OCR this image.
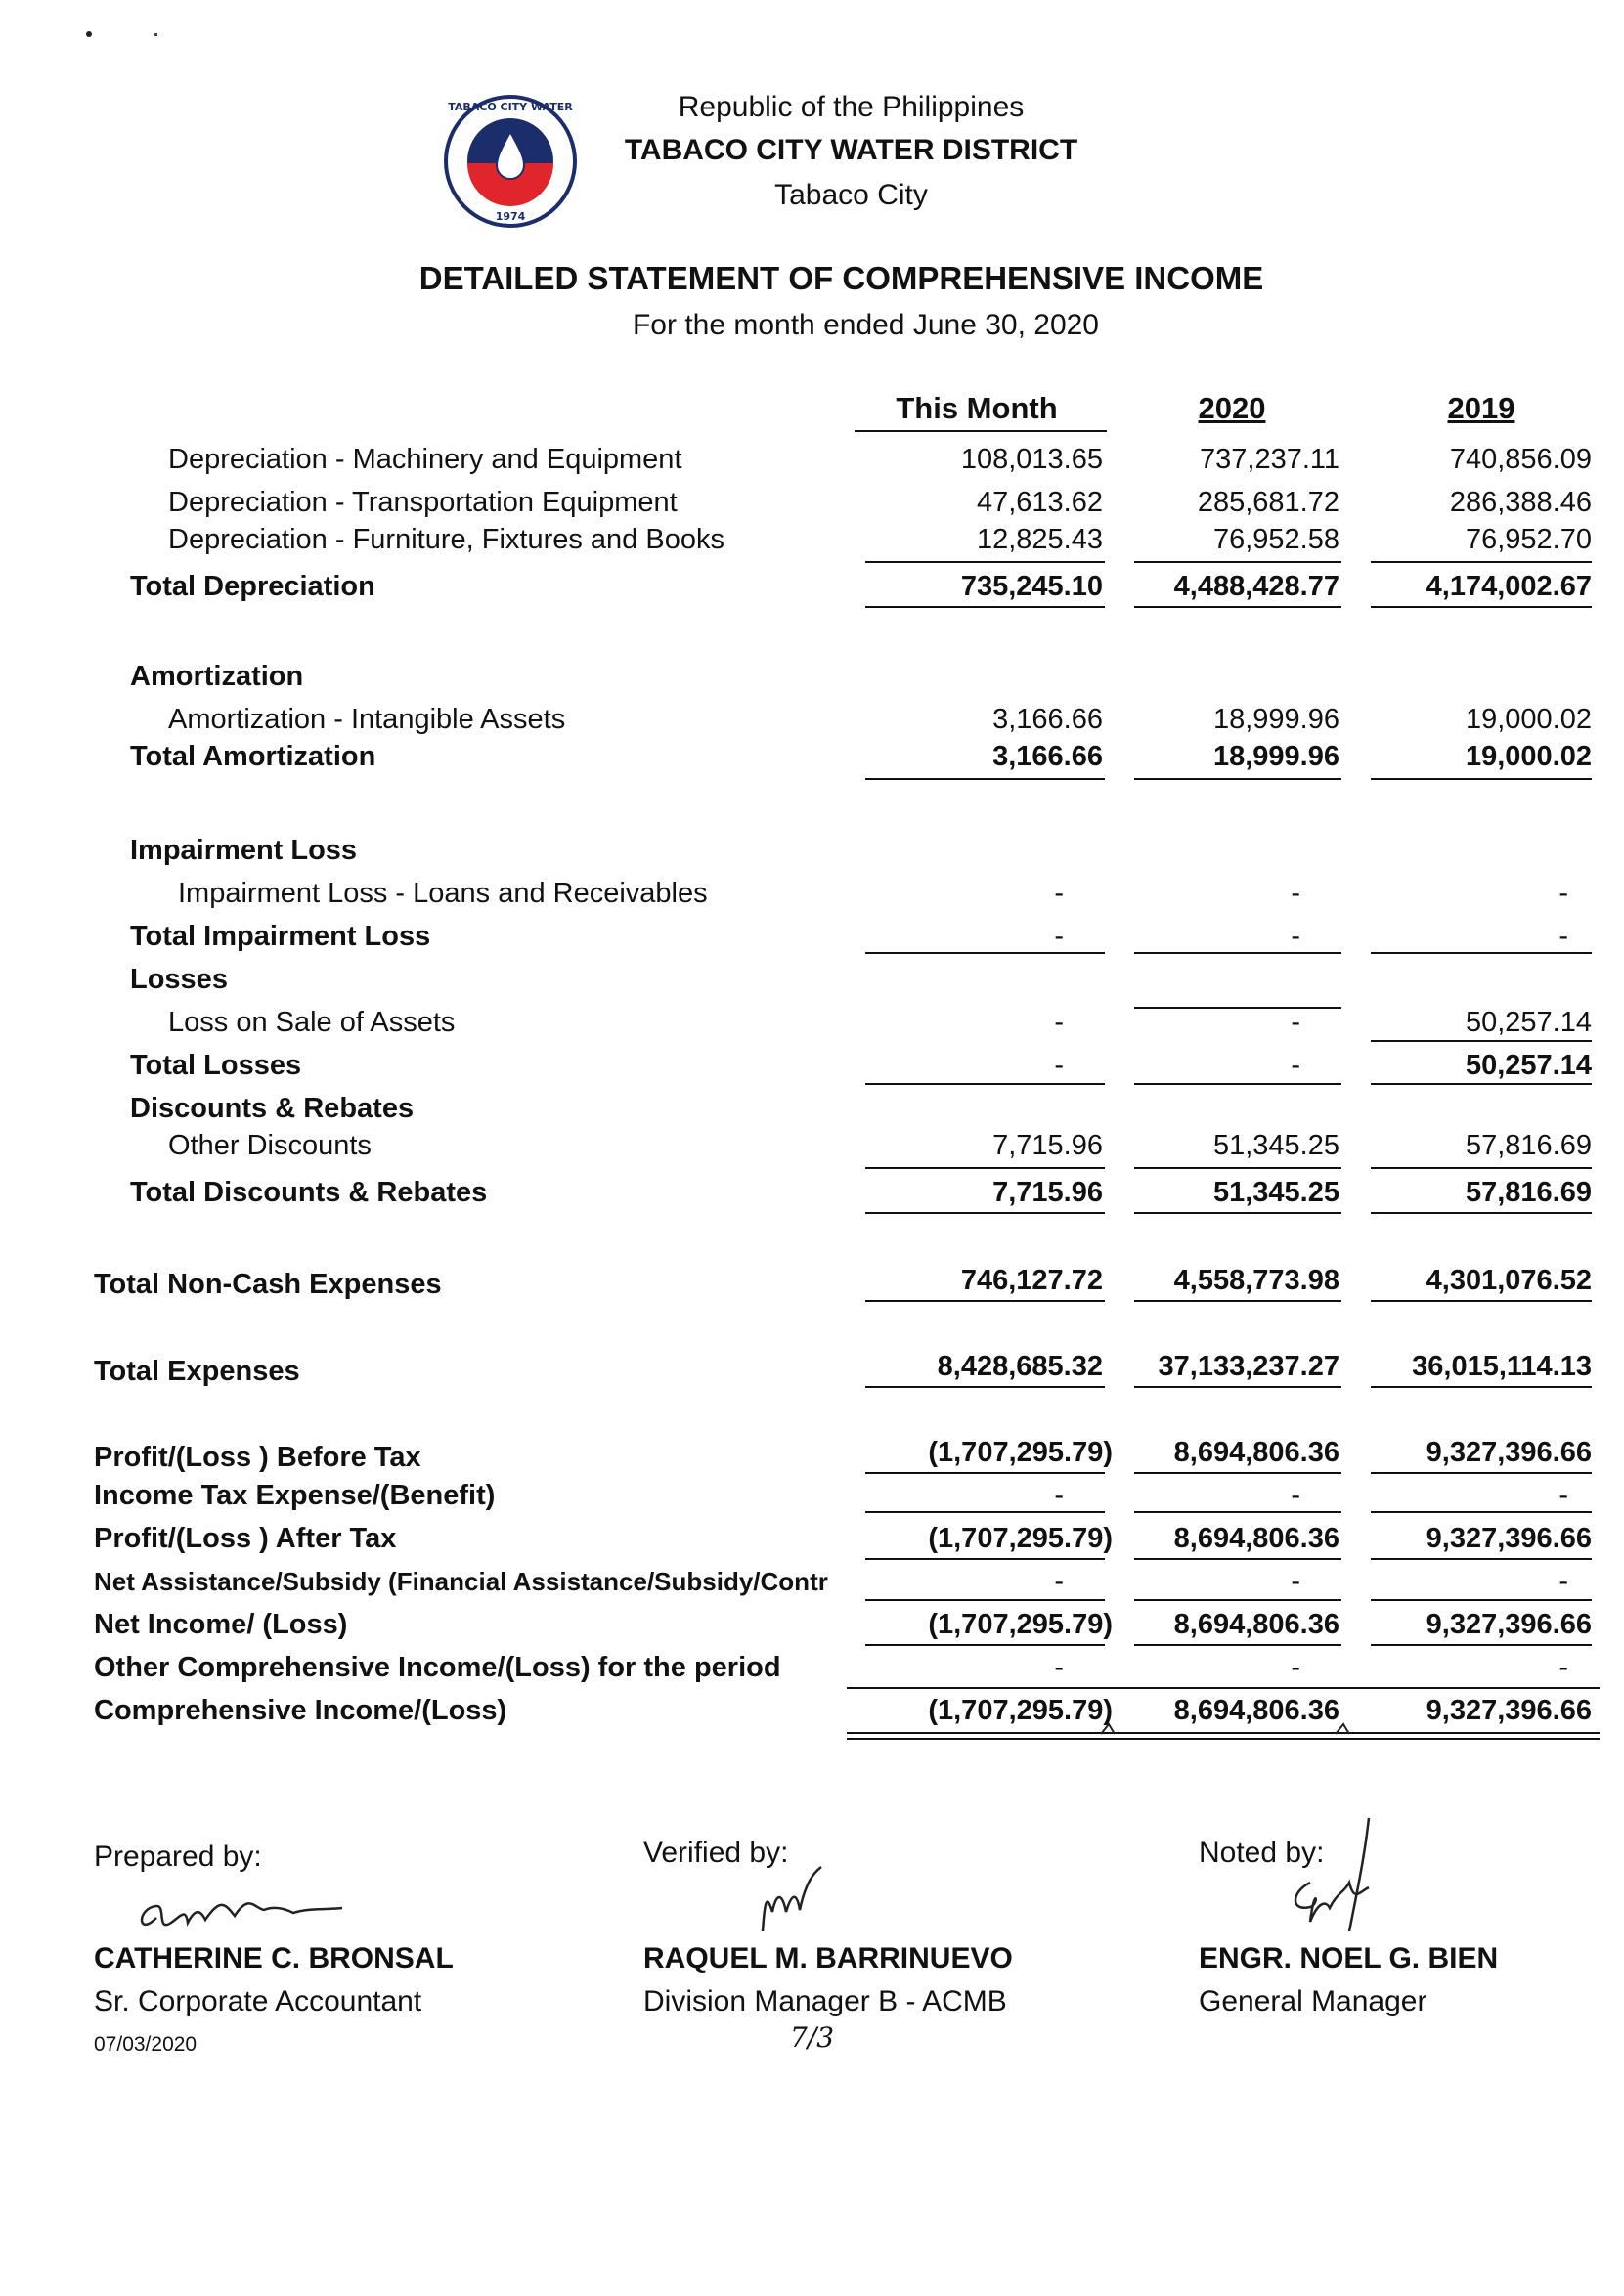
TABACO CITY WATER
1974
Republic of the Philippines
TABACO CITY WATER DISTRICT
Tabaco City
DETAILED STATEMENT OF COMPREHENSIVE INCOME
For the month ended June 30, 2020
This Month	2020	2019
Depreciation - Machinery and Equipment	108,013.65	737,237.11	740,856.09
Depreciation - Transportation Equipment	47,613.62	285,681.72	286,388.46
Depreciation - Furniture, Fixtures and Books	12,825.43	76,952.58	76,952.70
Total Depreciation	735,245.10	4,488,428.77	4,174,002.67
Amortization
Amortization - Intangible Assets	3,166.66	18,999.96	19,000.02
Total Amortization	3,166.66	18,999.96	19,000.02
Impairment Loss
Impairment Loss - Loans and Receivables	-	-	-
Total Impairment Loss	-	-	-
Losses
Loss on Sale of Assets	-	-	50,257.14
Total Losses	-	-	50,257.14
Discounts & Rebates
Other Discounts	7,715.96	51,345.25	57,816.69
Total Discounts & Rebates	7,715.96	51,345.25	57,816.69
Total Non-Cash Expenses	746,127.72	4,558,773.98	4,301,076.52
Total Expenses	8,428,685.32	37,133,237.27	36,015,114.13
Profit/(Loss ) Before Tax	(1,707,295.79)	8,694,806.36	9,327,396.66
Income Tax Expense/(Benefit)	-	-	-
Profit/(Loss ) After Tax	(1,707,295.79)	8,694,806.36	9,327,396.66
Net Assistance/Subsidy (Financial Assistance/Subsidy/Contr	-	-	-
Net Income/ (Loss)	(1,707,295.79)	8,694,806.36	9,327,396.66
Other Comprehensive Income/(Loss) for the period	-	-	-
Comprehensive Income/(Loss)	(1,707,295.79)	8,694,806.36	9,327,396.66
Prepared by:	Verified by:	Noted by:
CATHERINE C. BRONSAL
Sr. Corporate Accountant
07/03/2020
RAQUEL M. BARRINUEVO
Division Manager B - ACMB
7/3
ENGR. NOEL G. BIEN
General Manager
